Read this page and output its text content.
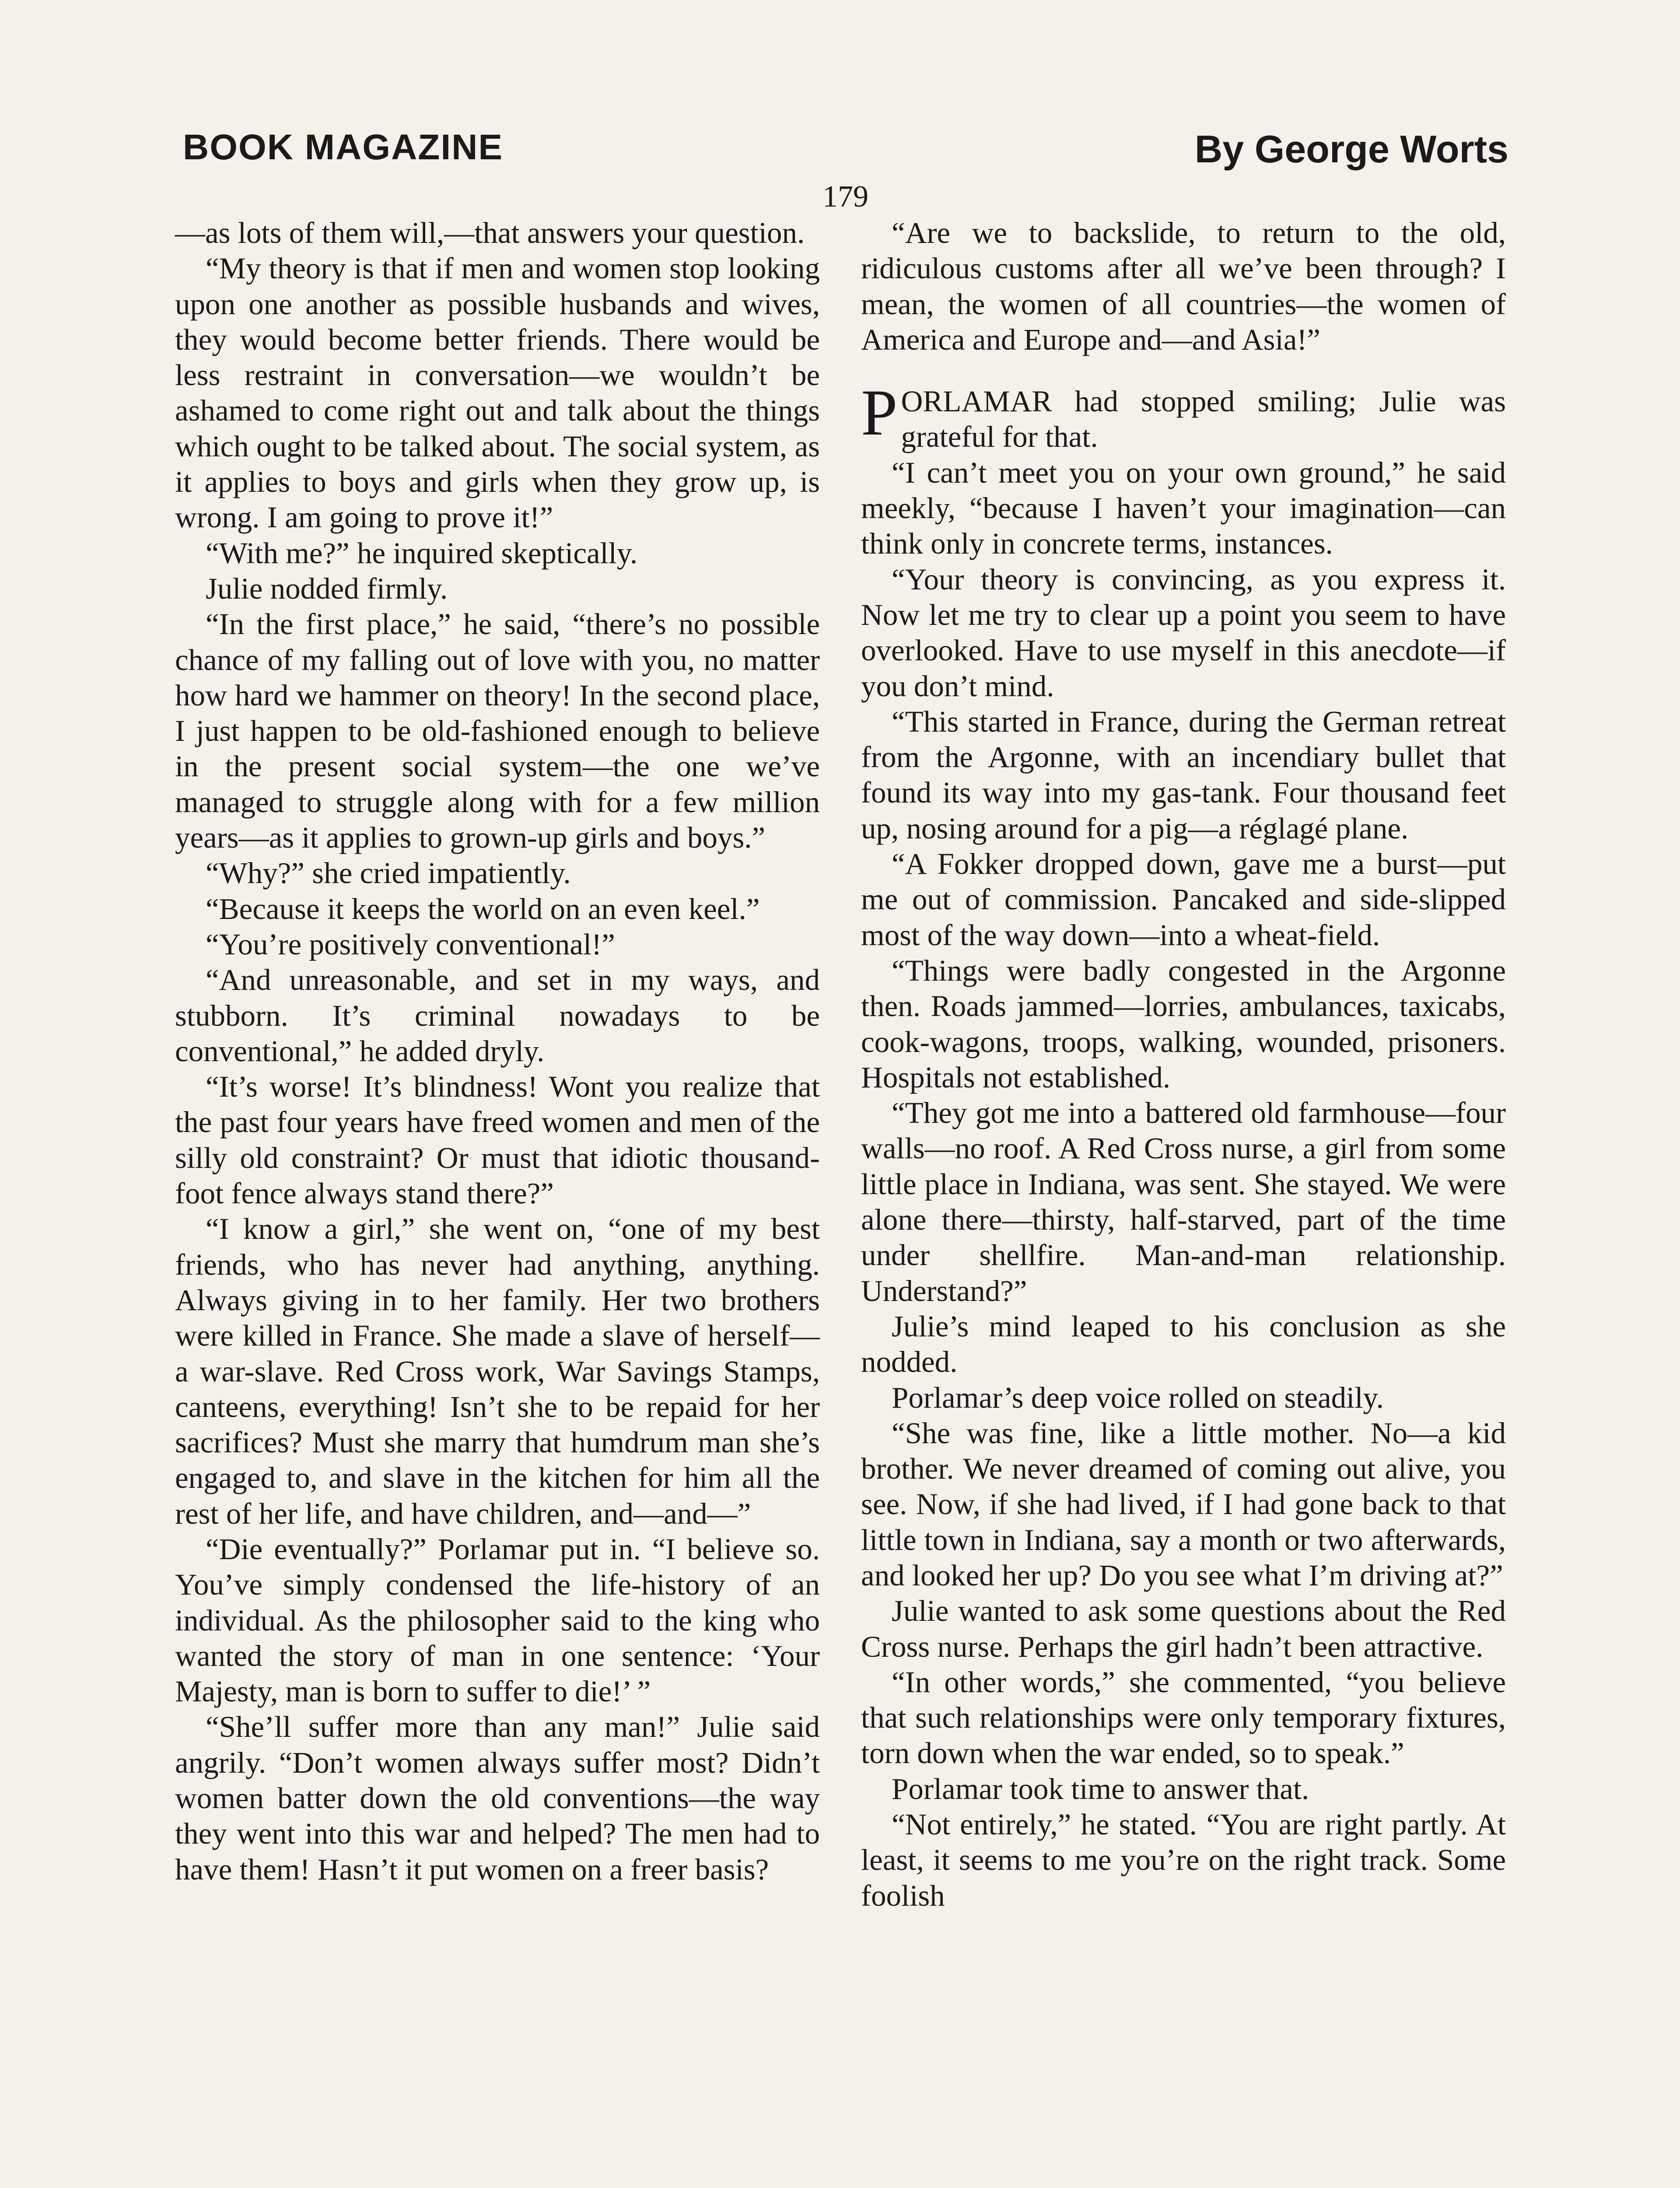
BOOK MAGAZINE	By George Worts
179

—as lots of them will,—that answers your question.

“My theory is that if men and women stop looking upon one another as possible husbands and wives, they would become better friends. There would be less restraint in conversation—we wouldn’t be ashamed to come right out and talk about the things which ought to be talked about. The social system, as it applies to boys and girls when they grow up, is wrong. I am going to prove it!”

“With me?” he inquired skeptically.

Julie nodded firmly.

“In the first place,” he said, “there’s no possible chance of my falling out of love with you, no matter how hard we hammer on theory! In the second place, I just happen to be old-fashioned enough to believe in the present social system—the one we’ve managed to struggle along with for a few million years—as it applies to grown-up girls and boys.”

“Why?” she cried impatiently.

“Because it keeps the world on an even keel.”

“You’re positively conventional!”

“And unreasonable, and set in my ways, and stubborn. It’s criminal nowadays to be conventional,” he added dryly.

“It’s worse! It’s blindness! Wont you realize that the past four years have freed women and men of the silly old constraint? Or must that idiotic thousand-foot fence always stand there?”

“I know a girl,” she went on, “one of my best friends, who has never had anything, anything. Always giving in to her family. Her two brothers were killed in France. She made a slave of herself—a war-slave. Red Cross work, War Savings Stamps, canteens, everything! Isn’t she to be repaid for her sacrifices? Must she marry that humdrum man she’s engaged to, and slave in the kitchen for him all the rest of her life, and have children, and—and—”

“Die eventually?” Porlamar put in. “I believe so. You’ve simply condensed the life-history of an individual. As the philosopher said to the king who wanted the story of man in one sentence: ‘Your Majesty, man is born to suffer to die!’ ”

“She’ll suffer more than any man!” Julie said angrily. “Don’t women always suffer most? Didn’t women batter down the old conventions—the way they went into this war and helped? The men had to have them! Hasn’t it put women on a freer basis?

“Are we to backslide, to return to the old, ridiculous customs after all we’ve been through? I mean, the women of all countries—the women of America and Europe and—and Asia!”

PORLAMAR had stopped smiling; Julie was grateful for that.

“I can’t meet you on your own ground,” he said meekly, “because I haven’t your imagination—can think only in concrete terms, instances.

“Your theory is convincing, as you express it. Now let me try to clear up a point you seem to have overlooked. Have to use myself in this anecdote—if you don’t mind.

“This started in France, during the German retreat from the Argonne, with an incendiary bullet that found its way into my gas-tank. Four thousand feet up, nosing around for a pig—a réglagé plane.

“A Fokker dropped down, gave me a burst—put me out of commission. Pancaked and side-slipped most of the way down—into a wheat-field.

“Things were badly congested in the Argonne then. Roads jammed—lorries, ambulances, taxicabs, cook-wagons, troops, walking, wounded, prisoners. Hospitals not established.

“They got me into a battered old farmhouse—four walls—no roof. A Red Cross nurse, a girl from some little place in Indiana, was sent. She stayed. We were alone there—thirsty, half-starved, part of the time under shellfire. Man-and-man relationship. Understand?”

Julie’s mind leaped to his conclusion as she nodded.

Porlamar’s deep voice rolled on steadily.

“She was fine, like a little mother. No—a kid brother. We never dreamed of coming out alive, you see. Now, if she had lived, if I had gone back to that little town in Indiana, say a month or two afterwards, and looked her up? Do you see what I’m driving at?”

Julie wanted to ask some questions about the Red Cross nurse. Perhaps the girl hadn’t been attractive.

“In other words,” she commented, “you believe that such relationships were only temporary fixtures, torn down when the war ended, so to speak.”

Porlamar took time to answer that.

“Not entirely,” he stated. “You are right partly. At least, it seems to me you’re on the right track. Some foolish
